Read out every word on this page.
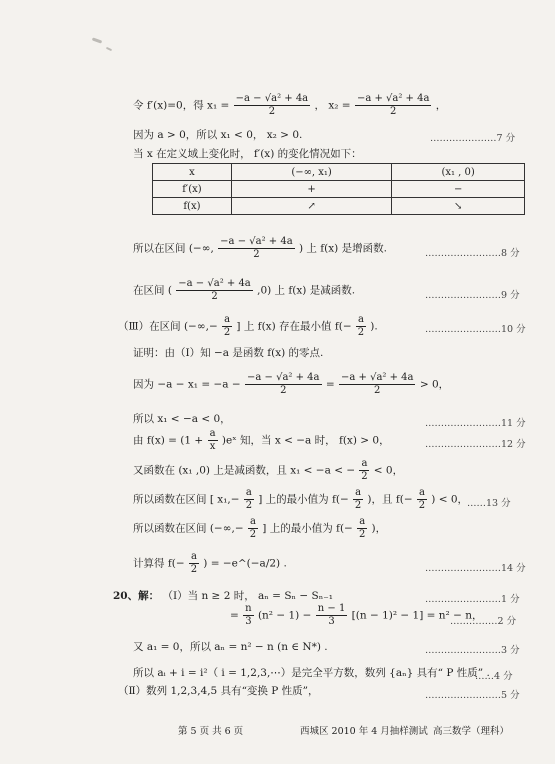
令 f′(x)=0，得 $x_1 = \frac{\text{−a − √a² + 4a}}{2}$ ， $x_2 = \frac{\text{−a + √a² + 4a}}{2}$ ，
因为 a > 0，所以 x₁ < 0， x₂ > 0.	…………………7 分
当 x 在定义域上变化时， f′(x) 的变化情况如下：
x	(−∞, x₁)	(x₁ , 0)
f′(x)	+	−
f(x)	↗	↘
所以在区间 (−∞, $\frac{\text{−a − √a² + 4a}}{2}$ ) 上 f(x) 是增函数.	……………………8 分
在区间 ( $\frac{\text{−a − √a² + 4a}}{2} ,0$) 上 f(x) 是减函数.	……………………9 分
（Ⅲ）在区间 (−∞,− $\frac{a}{2}$ ] 上 f(x) 存在最小值 $f(- \frac{a}{2}$ ).	……………………10 分
证明：由（Ⅰ）知 −a 是函数 f(x) 的零点.
因为 $-a - x_1 = -a - \frac{\text{−a − √a² + 4a}}{2} = \frac{\text{−a + √a² + 4a}}{2} > 0$，
所以 x₁ < −a < 0，	……………………11 分
由 $f(x) = (1 + \frac{a}{x}$ )eˣ 知，当 x < −a 时， f(x) > 0，	……………………12 分
又函数在 (x₁ ,0) 上是减函数，且 x₁ < −a < − $\frac{a}{2} < 0$，
所以函数在区间 [ $x_1,- \frac{a}{2}$ ] 上的最小值为 $f(- \frac{a}{2}$ )，且 $f(- \frac{a}{2}$ ) < 0，
……13 分
所以函数在区间 (−∞,− $\frac{a}{2}$ ] 上的最小值为 $f(- \frac{a}{2}$ )，
计算得 $f(- \frac{a}{2}$ ) = −e^(−a/2) .	……………………14 分
20、解： （Ⅰ）当 n ≥ 2 时， aₙ = Sₙ − Sₙ₋₁	……………………1 分
= $\frac{n}{3} (n^2 - 1) - \frac{n - 1}{3} [(n - 1)^2 - 1] = n^2 - n$，
……………2 分
又 a₁ = 0，所以 aₙ = n² − n (n ∈ N*) .	……………………3 分
所以 aᵢ + i = i²（ i = 1,2,3,⋯）是完全平方数，数列 {aₙ} 具有“ P 性质” .
……4 分
（Ⅱ）数列 1,2,3,4,5 具有“变换 P 性质”，	……………………5 分
第 5 页 共 6 页	西城区 2010 年 4 月抽样测试 高三数学（理科）
